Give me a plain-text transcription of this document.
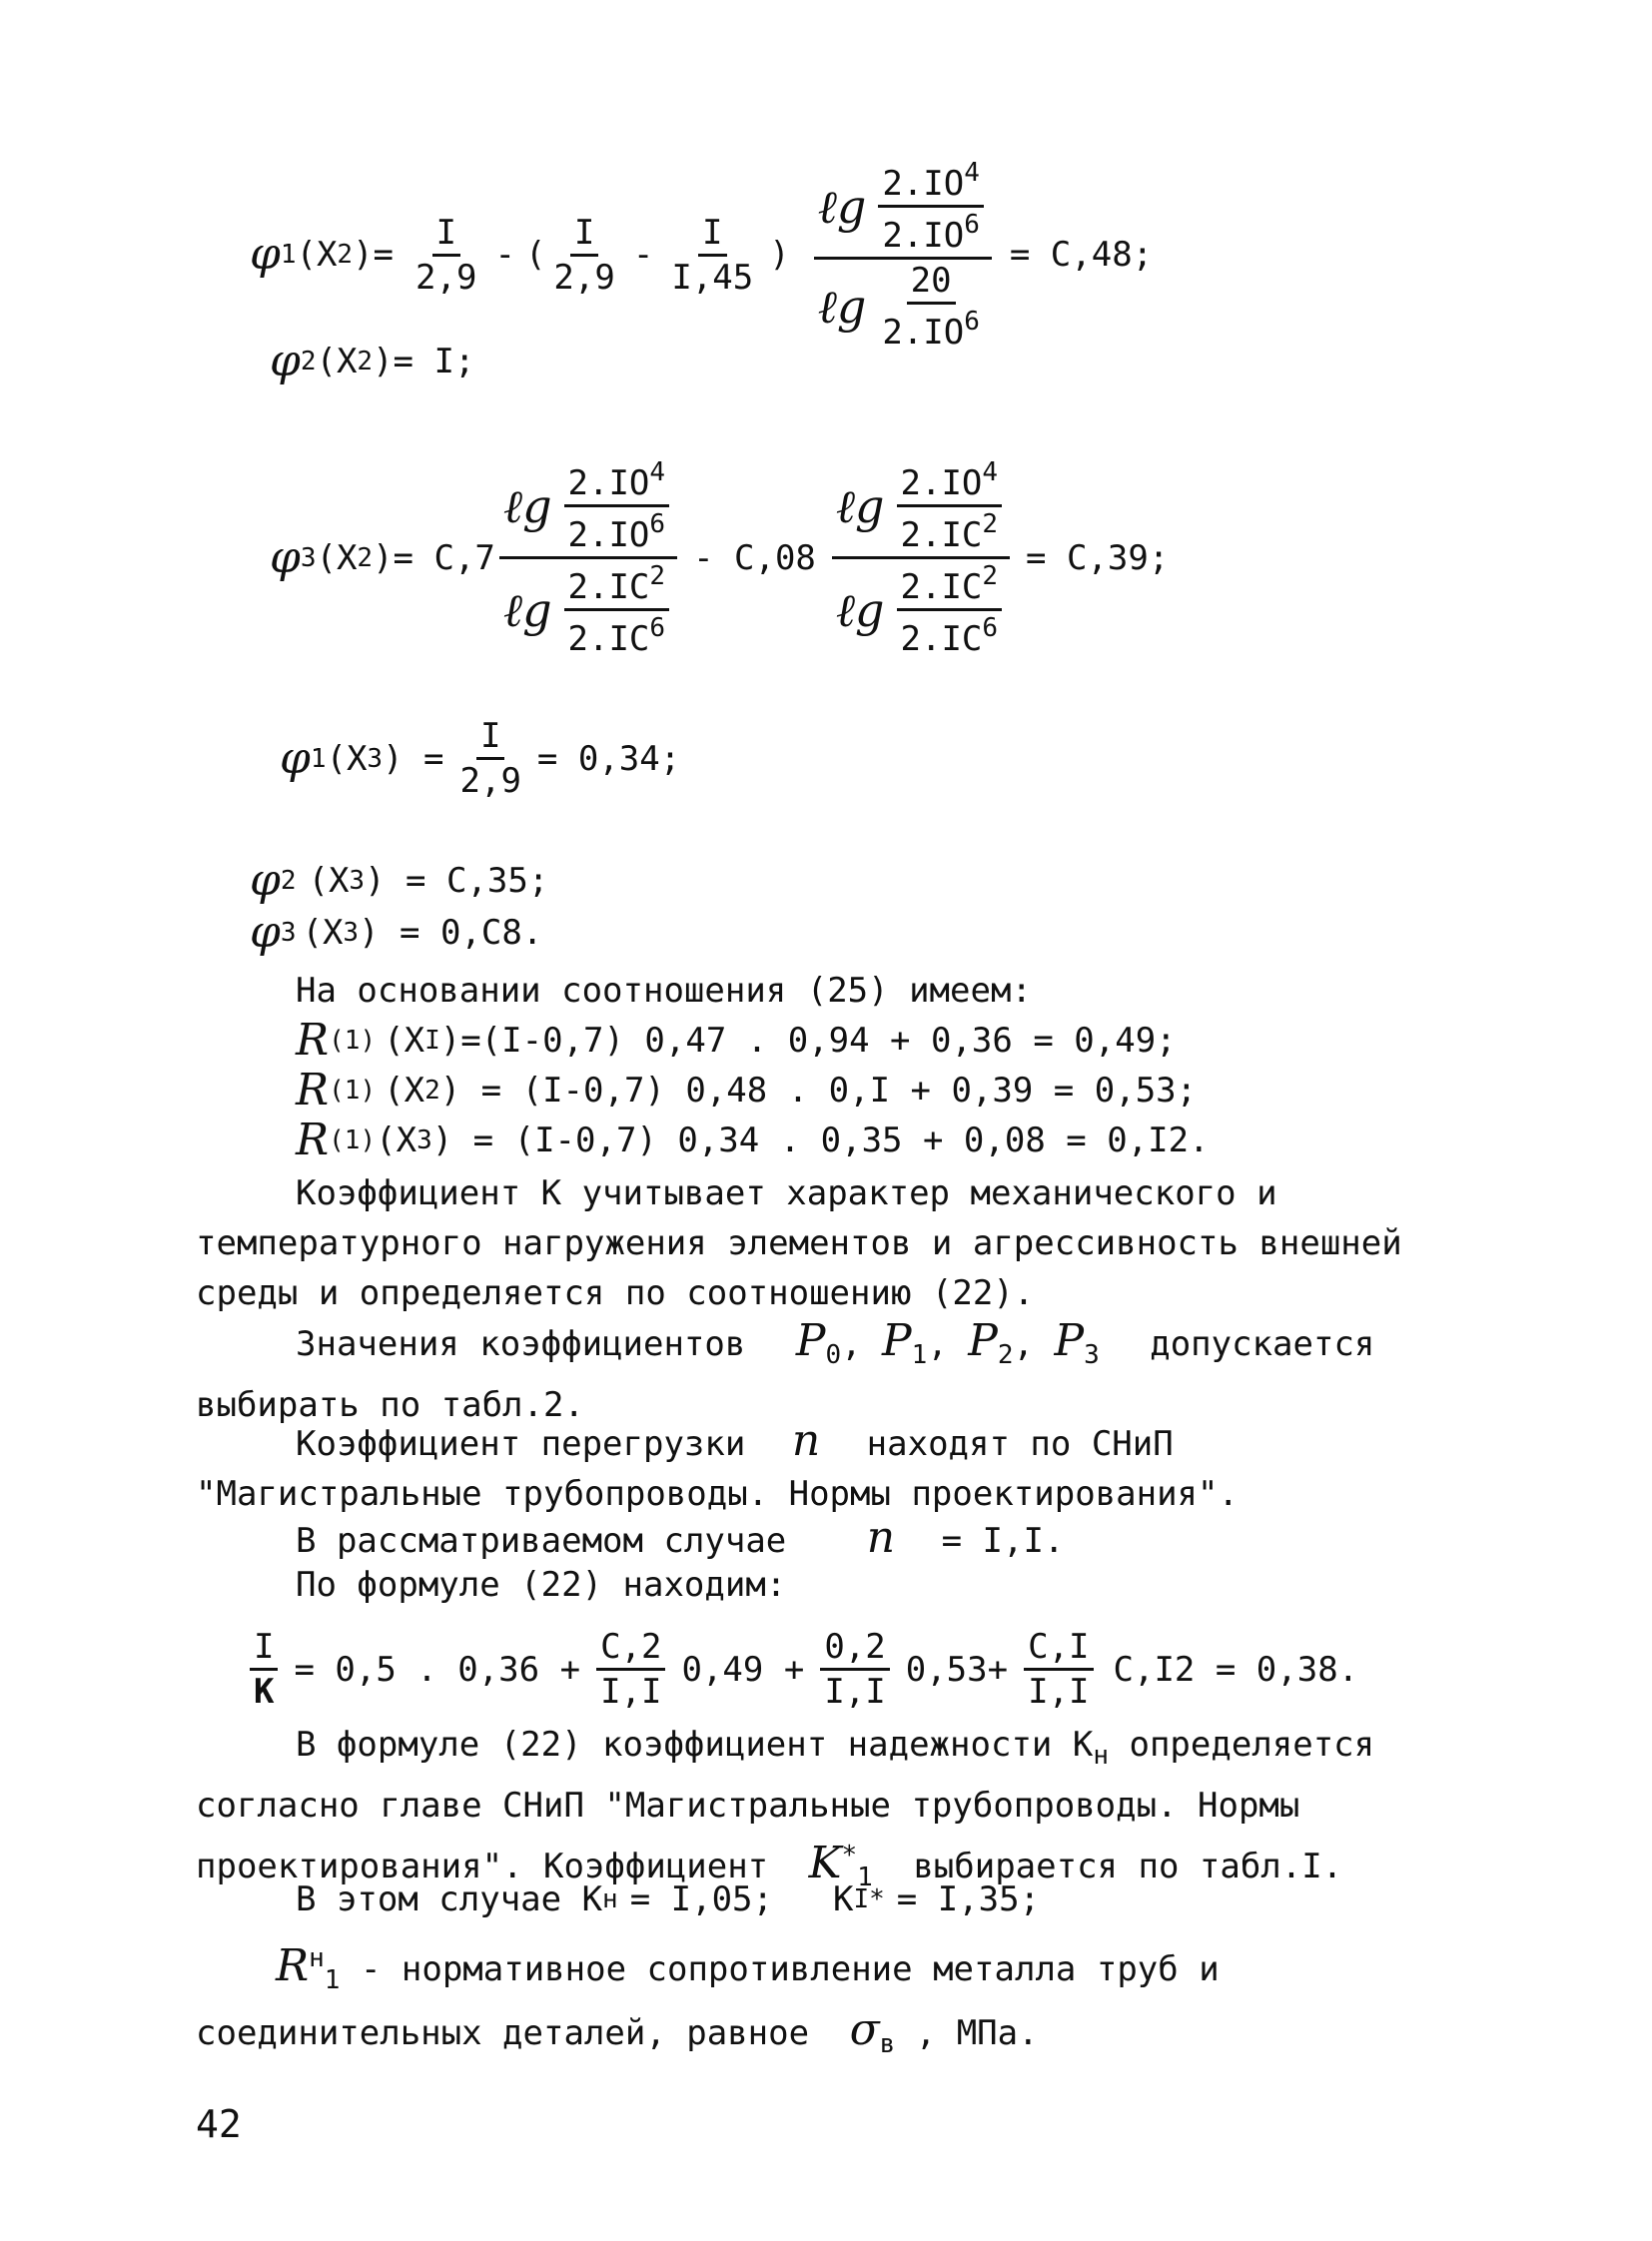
φ 1 (X 2 )= $\frac{I}{2,9}$ - ( $\frac{I}{2,9} - \frac{I}{I,45}$ ) $\frac{\ell g \frac{2.IO^4}{2.IO^6}}{\ell g \frac{20}{2.IO^6}} = C,48$;
φ 2 (X 2 )= I;
φ 3 (X 2 )= $C,7 \frac{\ell g \frac{2.IO^4}{2.IO^6}}{\ell g \frac{2.IC^2}{2.IC^6}} - C,08 \frac{\ell g \frac{2.IO^4}{2.IC^2}}{\ell g \frac{2.IC^2}{2.IC^6}} = C,39$;
φ 1 (X 3 ) = $\frac{I}{2,9} = 0,34$;
φ 2 (X 3 ) = C,35;
φ 3 (X 3 ) = 0,C8.
На основании соотношения (25) имеем:
R (1) (X I )=(I-0,7) 0,47 . 0,94 + 0,36 = 0,49;
R (1) (X 2 ) = (I-0,7) 0,48 . 0,I + 0,39 = 0,53;
R (1) (X 3 ) = (I-0,7) 0,34 . 0,35 + 0,08 = 0,I2.
Коэффициент К учитывает характер механического и температурного нагружения элементов и агрессивность внешней среды и определяется по соотношению (22).
Значения коэффициентов $P_0$, $P_1$, $P_2$, $P_3$ допускается выбирать по табл.2.
Коэффициент перегрузки n находят по СНиП "Магистральные трубопроводы. Нормы проектирования".
В рассматриваемом случае n = I,I.
По формуле (22) находим:
$\frac{I}{K} = 0,5$ . $0,36 + \frac{C,2}{I,I} 0,49 + \frac{0,2}{I,I} 0,53+ \frac{C,I}{I,I} C,I2 = 0,38$.
В формуле (22) коэффициент надежности $К_н$ определяется согласно главе СНиП "Магистральные трубопроводы. Нормы проектирования". Коэффициент $K^*_1$ выбирается по табл.I.
В этом случае К н = I,05; K I * = I,35;
$R^н_1$ - нормативное сопротивление металла труб и соединительных деталей, равное $\sigma_в$ , МПа.
42
